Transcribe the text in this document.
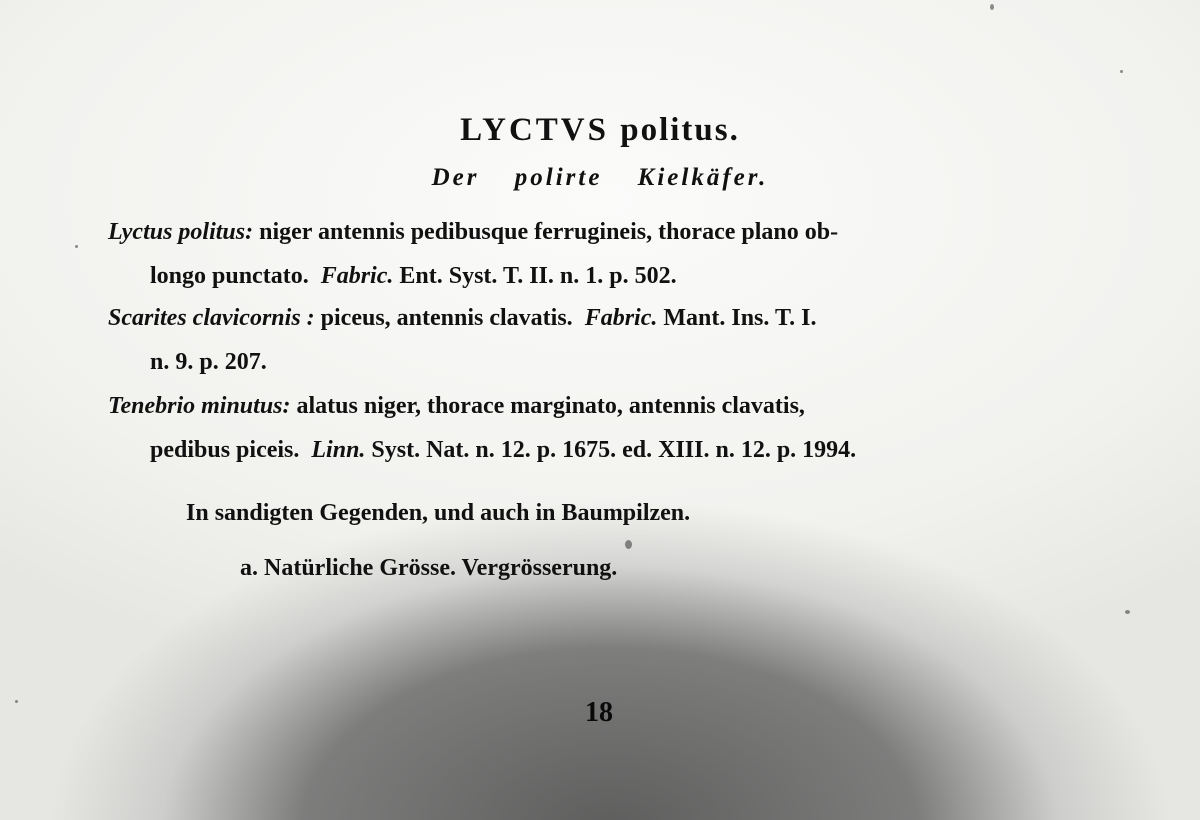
LYCTVS politus.
Der polirte Kielkäfer.
Lyctus politus: niger antennis pedibusque ferrugineis, thorace plano ob-
longo punctato. Fabric. Ent. Syst. T. II. n. 1. p. 502.
Scarites clavicornis : piceus, antennis clavatis. Fabric. Mant. Ins. T. I.
n. 9. p. 207.
Tenebrio minutus: alatus niger, thorace marginato, antennis clavatis,
pedibus piceis. Linn. Syst. Nat. n. 12. p. 1675. ed. XIII. n. 12. p. 1994.
In sandigten Gegenden, und auch in Baumpilzen.
a. Natürliche Grösse. Vergrösserung.
18
